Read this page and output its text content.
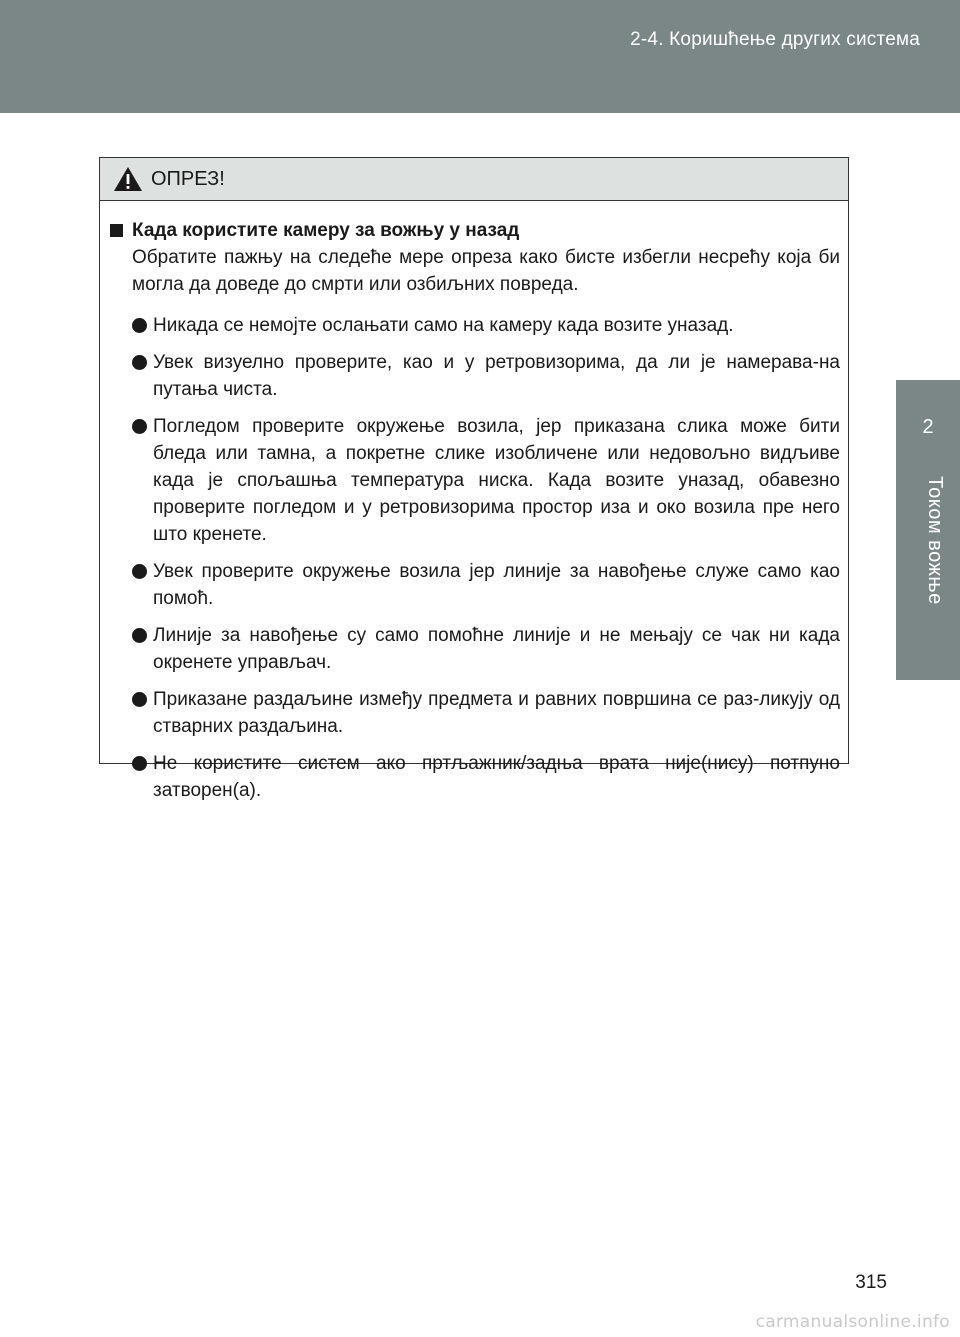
2-4. Коришћење других система
2
Током вожње
ОПРЕЗ!
Када користите камеру за вожњу у назад
Обратите пажњу на следеће мере опреза како бисте избегли несрећу која би могла да доведе до смрти или озбиљних повреда.
Никада се немојте ослањати само на камеру када возите уназад.
Увек визуелно проверите, као и у ретровизорима, да ли је намерава-на путања чиста.
Погледом проверите окружење возила, јер приказана слика може бити бледа или тамна, а покретне слике изобличене или недовољно видљиве када је спољашња температура ниска. Када возите уназад, обавезно проверите погледом и у ретровизорима простор иза и око возила пре него што кренете.
Увек проверите окружење возила јер линије за навођење служе само као помоћ.
Линије за навођење су само помоћне линије и не мењају се чак ни када окренете управљач.
Приказане раздаљине између предмета и равних површина се раз-ликују од стварних раздаљина.
Не користите систем ако пртљажник/задња врата није(нису) потпуно затворен(а).
315
carmanualsonline.info
